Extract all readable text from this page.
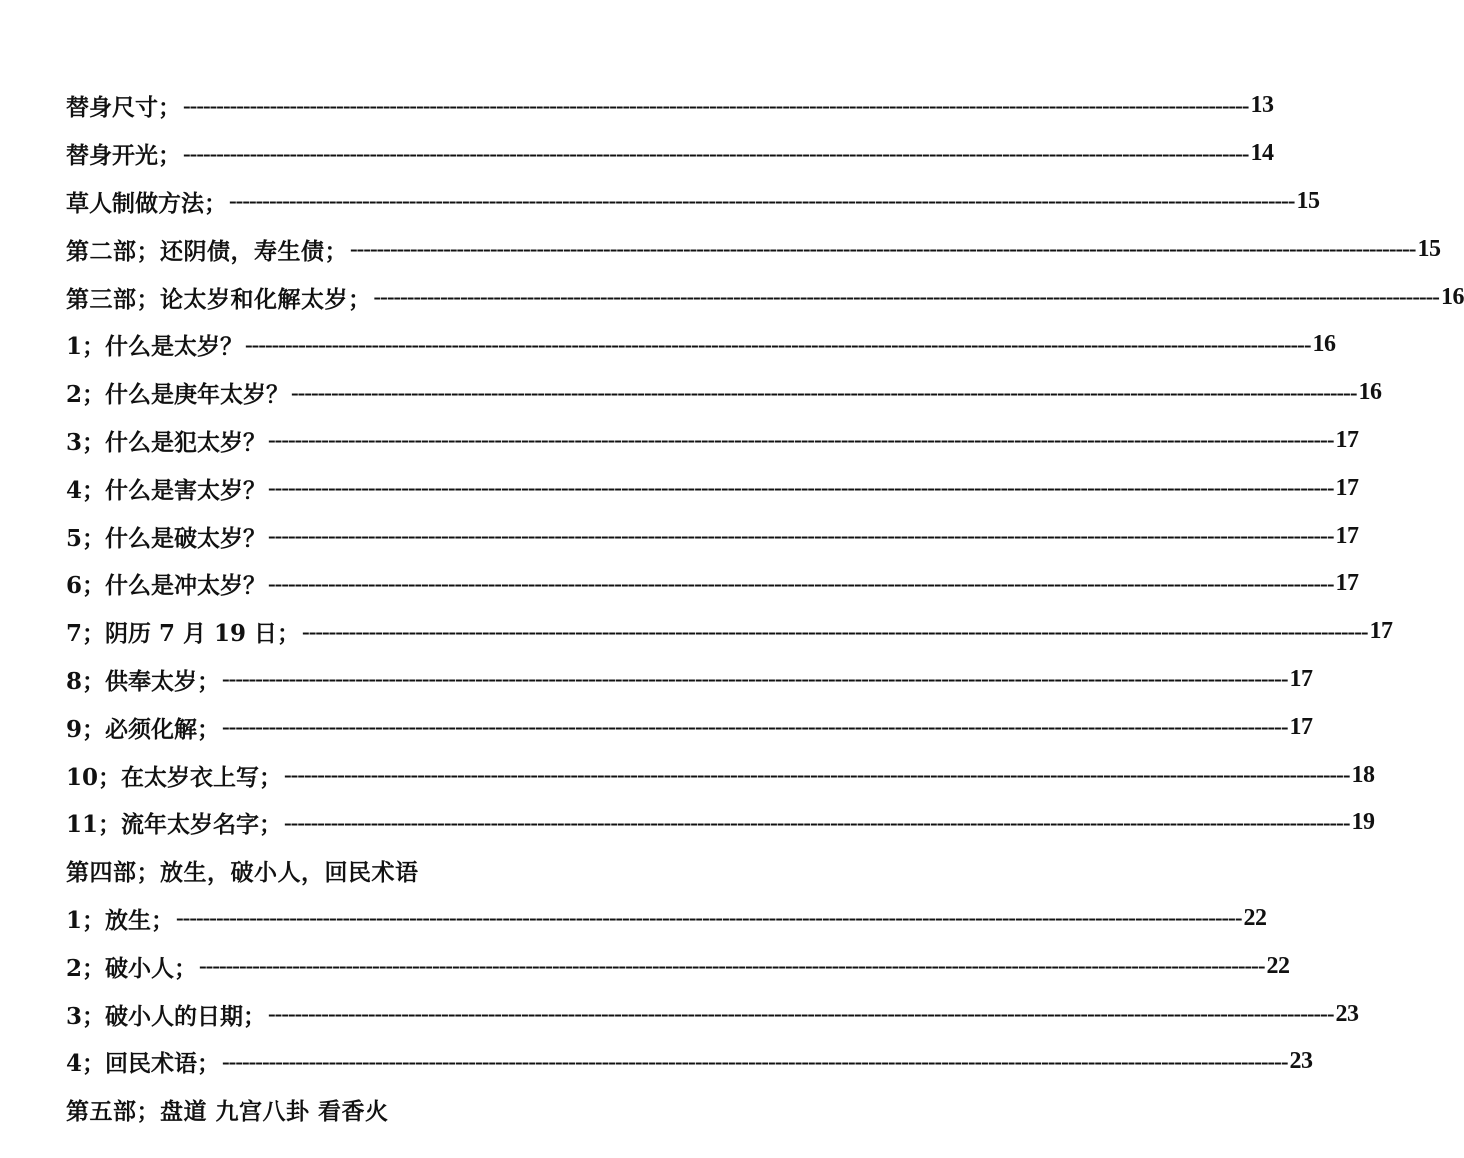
替身尺寸； ---------------------------------------------------------------------------------------------------------------------------------------------------------------- 13
替身开光； ---------------------------------------------------------------------------------------------------------------------------------------------------------------- 14
草人制做方法； ---------------------------------------------------------------------------------------------------------------------------------------------------------------- 15
第二部；还阴债，寿生债； ---------------------------------------------------------------------------------------------------------------------------------------------------------------- 15
第三部；论太岁和化解太岁； ---------------------------------------------------------------------------------------------------------------------------------------------------------------- 16
1；什么是太岁？ ---------------------------------------------------------------------------------------------------------------------------------------------------------------- 16
2；什么是庚年太岁？ ---------------------------------------------------------------------------------------------------------------------------------------------------------------- 16
3；什么是犯太岁？ ---------------------------------------------------------------------------------------------------------------------------------------------------------------- 17
4；什么是害太岁？ ---------------------------------------------------------------------------------------------------------------------------------------------------------------- 17
5；什么是破太岁？ ---------------------------------------------------------------------------------------------------------------------------------------------------------------- 17
6；什么是冲太岁？ ---------------------------------------------------------------------------------------------------------------------------------------------------------------- 17
7；阴历 7 月 19 日； ---------------------------------------------------------------------------------------------------------------------------------------------------------------- 17
8；供奉太岁； ---------------------------------------------------------------------------------------------------------------------------------------------------------------- 17
9；必须化解； ---------------------------------------------------------------------------------------------------------------------------------------------------------------- 17
10；在太岁衣上写； ---------------------------------------------------------------------------------------------------------------------------------------------------------------- 18
11；流年太岁名字； ---------------------------------------------------------------------------------------------------------------------------------------------------------------- 19
第四部；放生，破小人，回民术语
1；放生； ---------------------------------------------------------------------------------------------------------------------------------------------------------------- 22
2；破小人； ---------------------------------------------------------------------------------------------------------------------------------------------------------------- 22
3；破小人的日期； ---------------------------------------------------------------------------------------------------------------------------------------------------------------- 23
4；回民术语； ---------------------------------------------------------------------------------------------------------------------------------------------------------------- 23
第五部；盘道 九宫八卦 看香火
